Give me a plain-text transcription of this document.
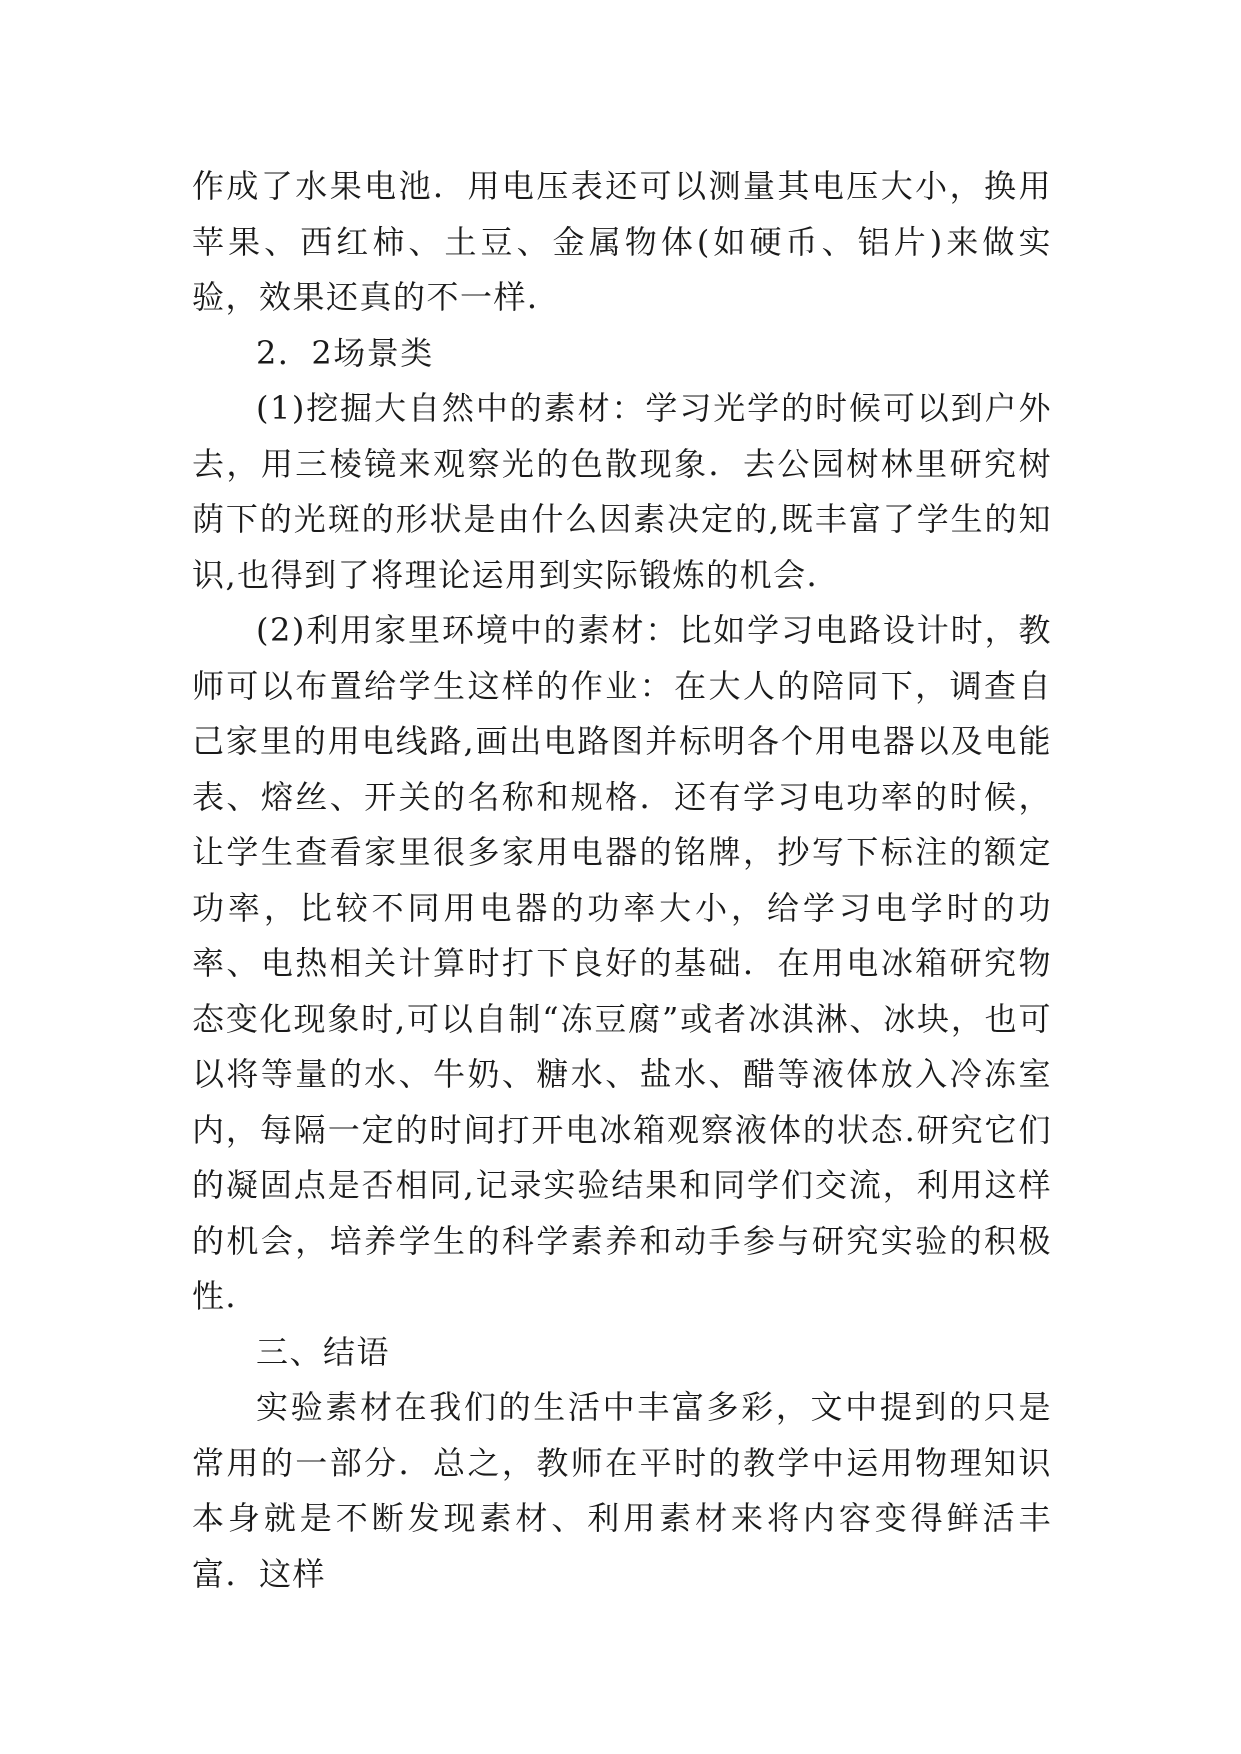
作成了水果电池．用电压表还可以测量其电压大小，换用苹果、西红柿、土豆、金属物体(如硬币、铝片)来做实验，效果还真的不一样．

2．2场景类

(1)挖掘大自然中的素材：学习光学的时候可以到户外去，用三棱镜来观察光的色散现象．去公园树林里研究树荫下的光斑的形状是由什么因素决定的,既丰富了学生的知识,也得到了将理论运用到实际锻炼的机会．

(2)利用家里环境中的素材：比如学习电路设计时，教师可以布置给学生这样的作业：在大人的陪同下，调查自己家里的用电线路,画出电路图并标明各个用电器以及电能表、熔丝、开关的名称和规格．还有学习电功率的时候，让学生查看家里很多家用电器的铭牌，抄写下标注的额定功率，比较不同用电器的功率大小，给学习电学时的功率、电热相关计算时打下良好的基础．在用电冰箱研究物态变化现象时,可以自制“冻豆腐”或者冰淇淋、冰块，也可以将等量的水、牛奶、糖水、盐水、醋等液体放入冷冻室内，每隔一定的时间打开电冰箱观察液体的状态.研究它们的凝固点是否相同,记录实验结果和同学们交流，利用这样的机会，培养学生的科学素养和动手参与研究实验的积极性．

三、结语

实验素材在我们的生活中丰富多彩，文中提到的只是常用的一部分．总之，教师在平时的教学中运用物理知识本身就是不断发现素材、利用素材来将内容变得鲜活丰富．这样
